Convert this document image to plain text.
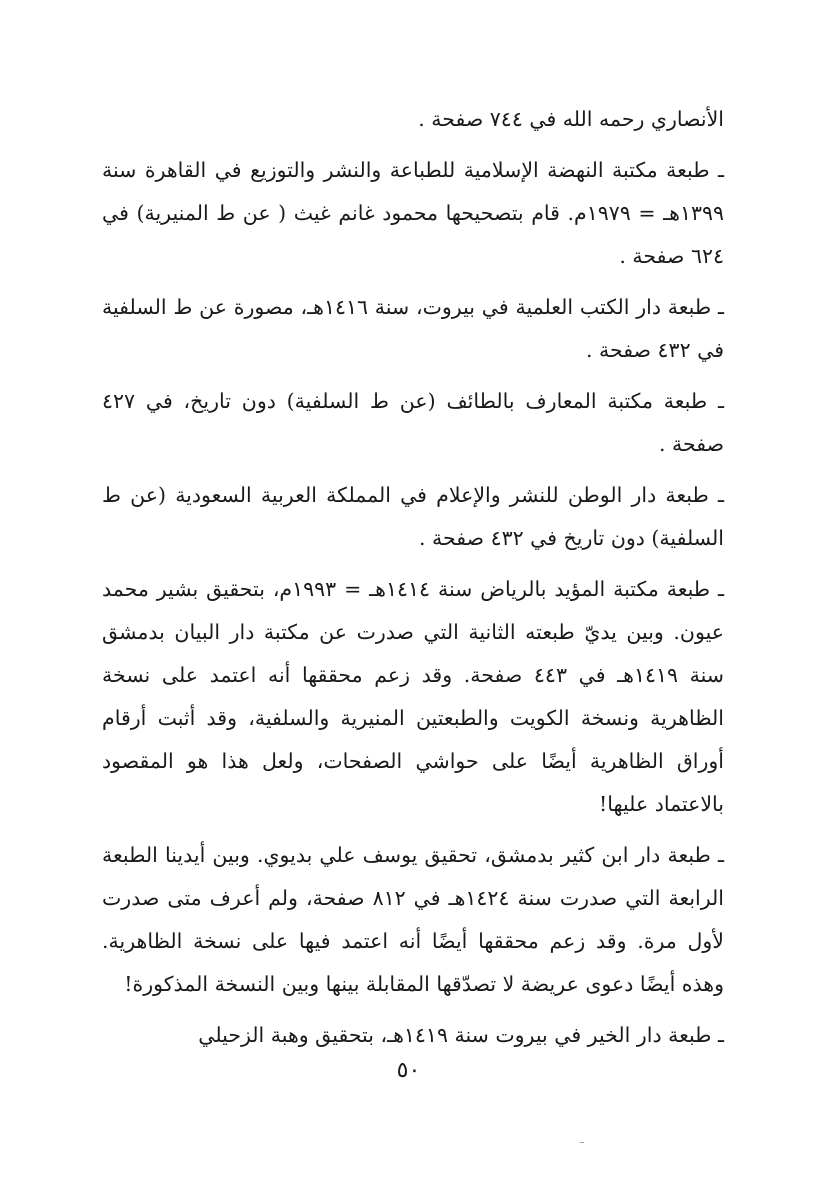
الأنصاري رحمه الله في ٧٤٤ صفحة .

ـ طبعة مكتبة النهضة الإسلامية للطباعة والنشر والتوزيع في القاهرة سنة ١٣٩٩هـ = ١٩٧٩م. قام بتصحيحها محمود غانم غيث ( عن ط المنيرية) في ٦٢٤ صفحة .

ـ طبعة دار الكتب العلمية في بيروت، سنة ١٤١٦هـ، مصورة عن ط السلفية في ٤٣٢ صفحة .

ـ طبعة مكتبة المعارف بالطائف (عن ط السلفية) دون تاريخ، في ٤٢٧ صفحة .

ـ طبعة دار الوطن للنشر والإعلام في المملكة العربية السعودية (عن ط السلفية) دون تاريخ في ٤٣٢ صفحة .

ـ طبعة مكتبة المؤيد بالرياض سنة ١٤١٤هـ = ١٩٩٣م، بتحقيق بشير محمد عيون. وبين يديّ طبعته الثانية التي صدرت عن مكتبة دار البيان بدمشق سنة ١٤١٩هـ في ٤٤٣ صفحة. وقد زعم محققها أنه اعتمد على نسخة الظاهرية ونسخة الكويت والطبعتين المنيرية والسلفية، وقد أثبت أرقام أوراق الظاهرية أيضًا على حواشي الصفحات، ولعل هذا هو المقصود بالاعتماد عليها!

ـ طبعة دار ابن كثير بدمشق، تحقيق يوسف علي بديوي. وبين أيدينا الطبعة الرابعة التي صدرت سنة ١٤٢٤هـ في ٨١٢ صفحة، ولم أعرف متى صدرت لأول مرة. وقد زعم محققها أيضًا أنه اعتمد فيها على نسخة الظاهرية. وهذه أيضًا دعوى عريضة لا تصدّقها المقابلة بينها وبين النسخة المذكورة!

ـ طبعة دار الخير في بيروت سنة ١٤١٩هـ، بتحقيق وهبة الزحيلي

٥٠
